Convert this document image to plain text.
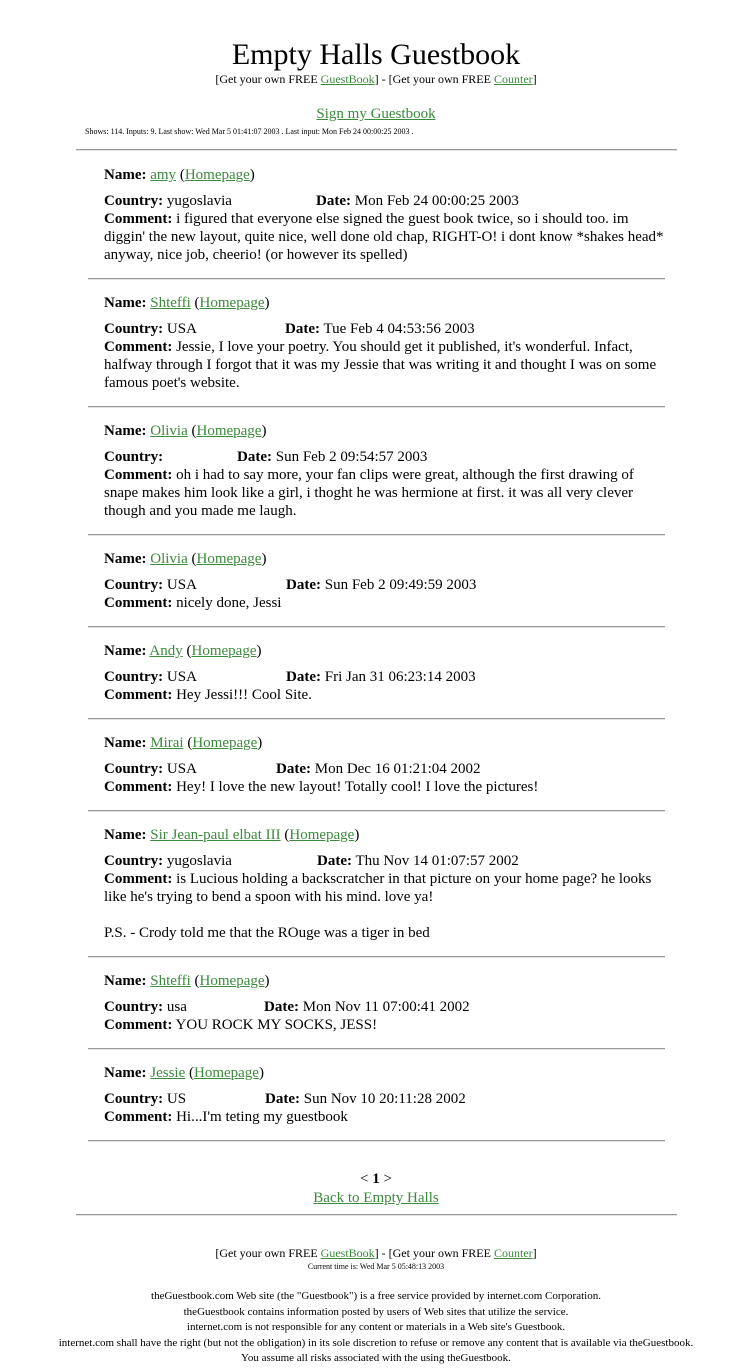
Empty Halls Guestbook
[Get your own FREE GuestBook] - [Get your own FREE Counter]
Sign my Guestbook
Shows: 114. Inputs: 9. Last show: Wed Mar 5 01:41:07 2003 . Last input: Mon Feb 24 00:00:25 2003 .
Name: amy (Homepage)
Country: yugoslavia	Date: Mon Feb 24 00:00:25 2003
Comment: i figured that everyone else signed the guest book twice, so i should too. im diggin' the new layout, quite nice, well done old chap, RIGHT-O! i dont know *shakes head* anyway, nice job, cheerio! (or however its spelled)
Name: Shteffi (Homepage)
Country: USA	Date: Tue Feb 4 04:53:56 2003
Comment: Jessie, I love your poetry. You should get it published, it's wonderful. Infact, halfway through I forgot that it was my Jessie that was writing it and thought I was on some famous poet's website.
Name: Olivia (Homepage)
Country:	Date: Sun Feb 2 09:54:57 2003
Comment: oh i had to say more, your fan clips were great, although the first drawing of snape makes him look like a girl, i thoght he was hermione at first. it was all very clever though and you made me laugh.
Name: Olivia (Homepage)
Country: USA	Date: Sun Feb 2 09:49:59 2003
Comment: nicely done, Jessi
Name: Andy (Homepage)
Country: USA	Date: Fri Jan 31 06:23:14 2003
Comment: Hey Jessi!!! Cool Site.
Name: Mirai (Homepage)
Country: USA	Date: Mon Dec 16 01:21:04 2002
Comment: Hey! I love the new layout! Totally cool! I love the pictures!
Name: Sir Jean-paul elbat III (Homepage)
Country: yugoslavia	Date: Thu Nov 14 01:07:57 2002
Comment: is Lucious holding a backscratcher in that picture on your home page? he looks like he's trying to bend a spoon with his mind. love ya!
P.S. - Crody told me that the ROuge was a tiger in bed
Name: Shteffi (Homepage)
Country: usa	Date: Mon Nov 11 07:00:41 2002
Comment: YOU ROCK MY SOCKS, JESS!
Name: Jessie (Homepage)
Country: US	Date: Sun Nov 10 20:11:28 2002
Comment: Hi...I'm teting my guestbook
< 1 >
Back to Empty Halls
[Get your own FREE GuestBook] - [Get your own FREE Counter]
Current time is: Wed Mar 5 05:48:13 2003
theGuestbook.com Web site (the "Guestbook") is a free service provided by internet.com Corporation.
theGuestbook contains information posted by users of Web sites that utilize the service.
internet.com is not responsible for any content or materials in a Web site's Guestbook.
internet.com shall have the right (but not the obligation) in its sole discretion to refuse or remove any content that is available via theGuestbook.
You assume all risks associated with the using theGuestbook.
